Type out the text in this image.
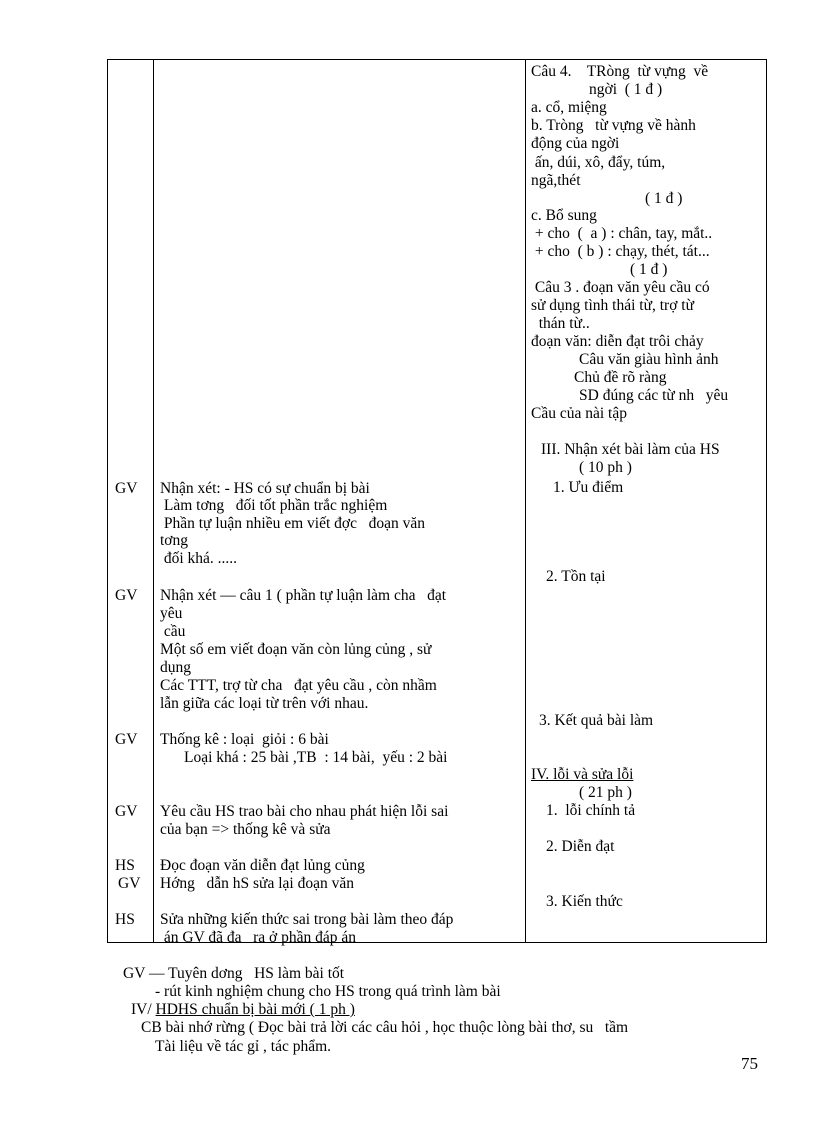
Câu 4.    TRòng  từ vựng  về
ngời  ( 1 đ )
a. cổ, miệng
b. Tròng   từ vựng về hành
động của ngời
ấn, dúi, xô, đẩy, túm,
ngã,thét
( 1 đ )
c. Bổ sung
+ cho  (  a ) : chân, tay, mắt..
+ cho  ( b ) : chạy, thét, tát...
( 1 đ )
Câu 3 . đoạn văn yêu cầu có
sử dụng tình thái từ, trợ từ
thán từ..
đoạn văn: diễn đạt trôi chảy
Câu văn giàu hình ảnh
Chủ đề rõ ràng
SD đúng các từ nh   yêu
Cầu của nài tập
III. Nhận xét bài làm của HS
( 10 ph )
1. Ưu điểm
2. Tồn tại
3. Kết quả bài làm
IV. lỗi và sửa lỗi
( 21 ph )
1.  lỗi chính tả
2. Diễn đạt
3. Kiến thức
GV
GV
GV
GV
HS
GV
HS
Nhận xét: - HS có sự chuẩn bị bài
Làm tơng   đối tốt phần trắc nghiệm
Phần tự luận nhiều em viết đợc   đoạn văn
tơng
đối khá. .....
Nhận xét — câu 1 ( phần tự luận làm cha   đạt
yêu
cầu
Một số em viết đoạn văn còn lủng củng , sử
dụng
Các TTT, trợ từ cha   đạt yêu cầu , còn nhầm
lẫn giữa các loại từ trên với nhau.
Thống kê : loại  giỏi : 6 bài
Loại khá : 25 bài ,TB  : 14 bài,  yếu : 2 bài
Yêu cầu HS trao bài cho nhau phát hiện lỗi sai
của bạn => thống kê và sửa
Đọc đoạn văn diễn đạt lủng củng
Hớng   dẫn hS sửa lại đoạn văn
Sửa những kiến thức sai trong bài làm theo đáp
án GV đã đa   ra ở phần đáp án
GV — Tuyên dơng   HS làm bài tốt
- rút kinh nghiệm chung cho HS trong quá trình làm bài
IV/ HDHS chuẩn bị bài mới ( 1 ph )
CB bài nhớ rừng ( Đọc bài trả lời các câu hỏi , học thuộc lòng bài thơ, su   tầm
Tài liệu về tác gỉ , tác phẩm.
75
